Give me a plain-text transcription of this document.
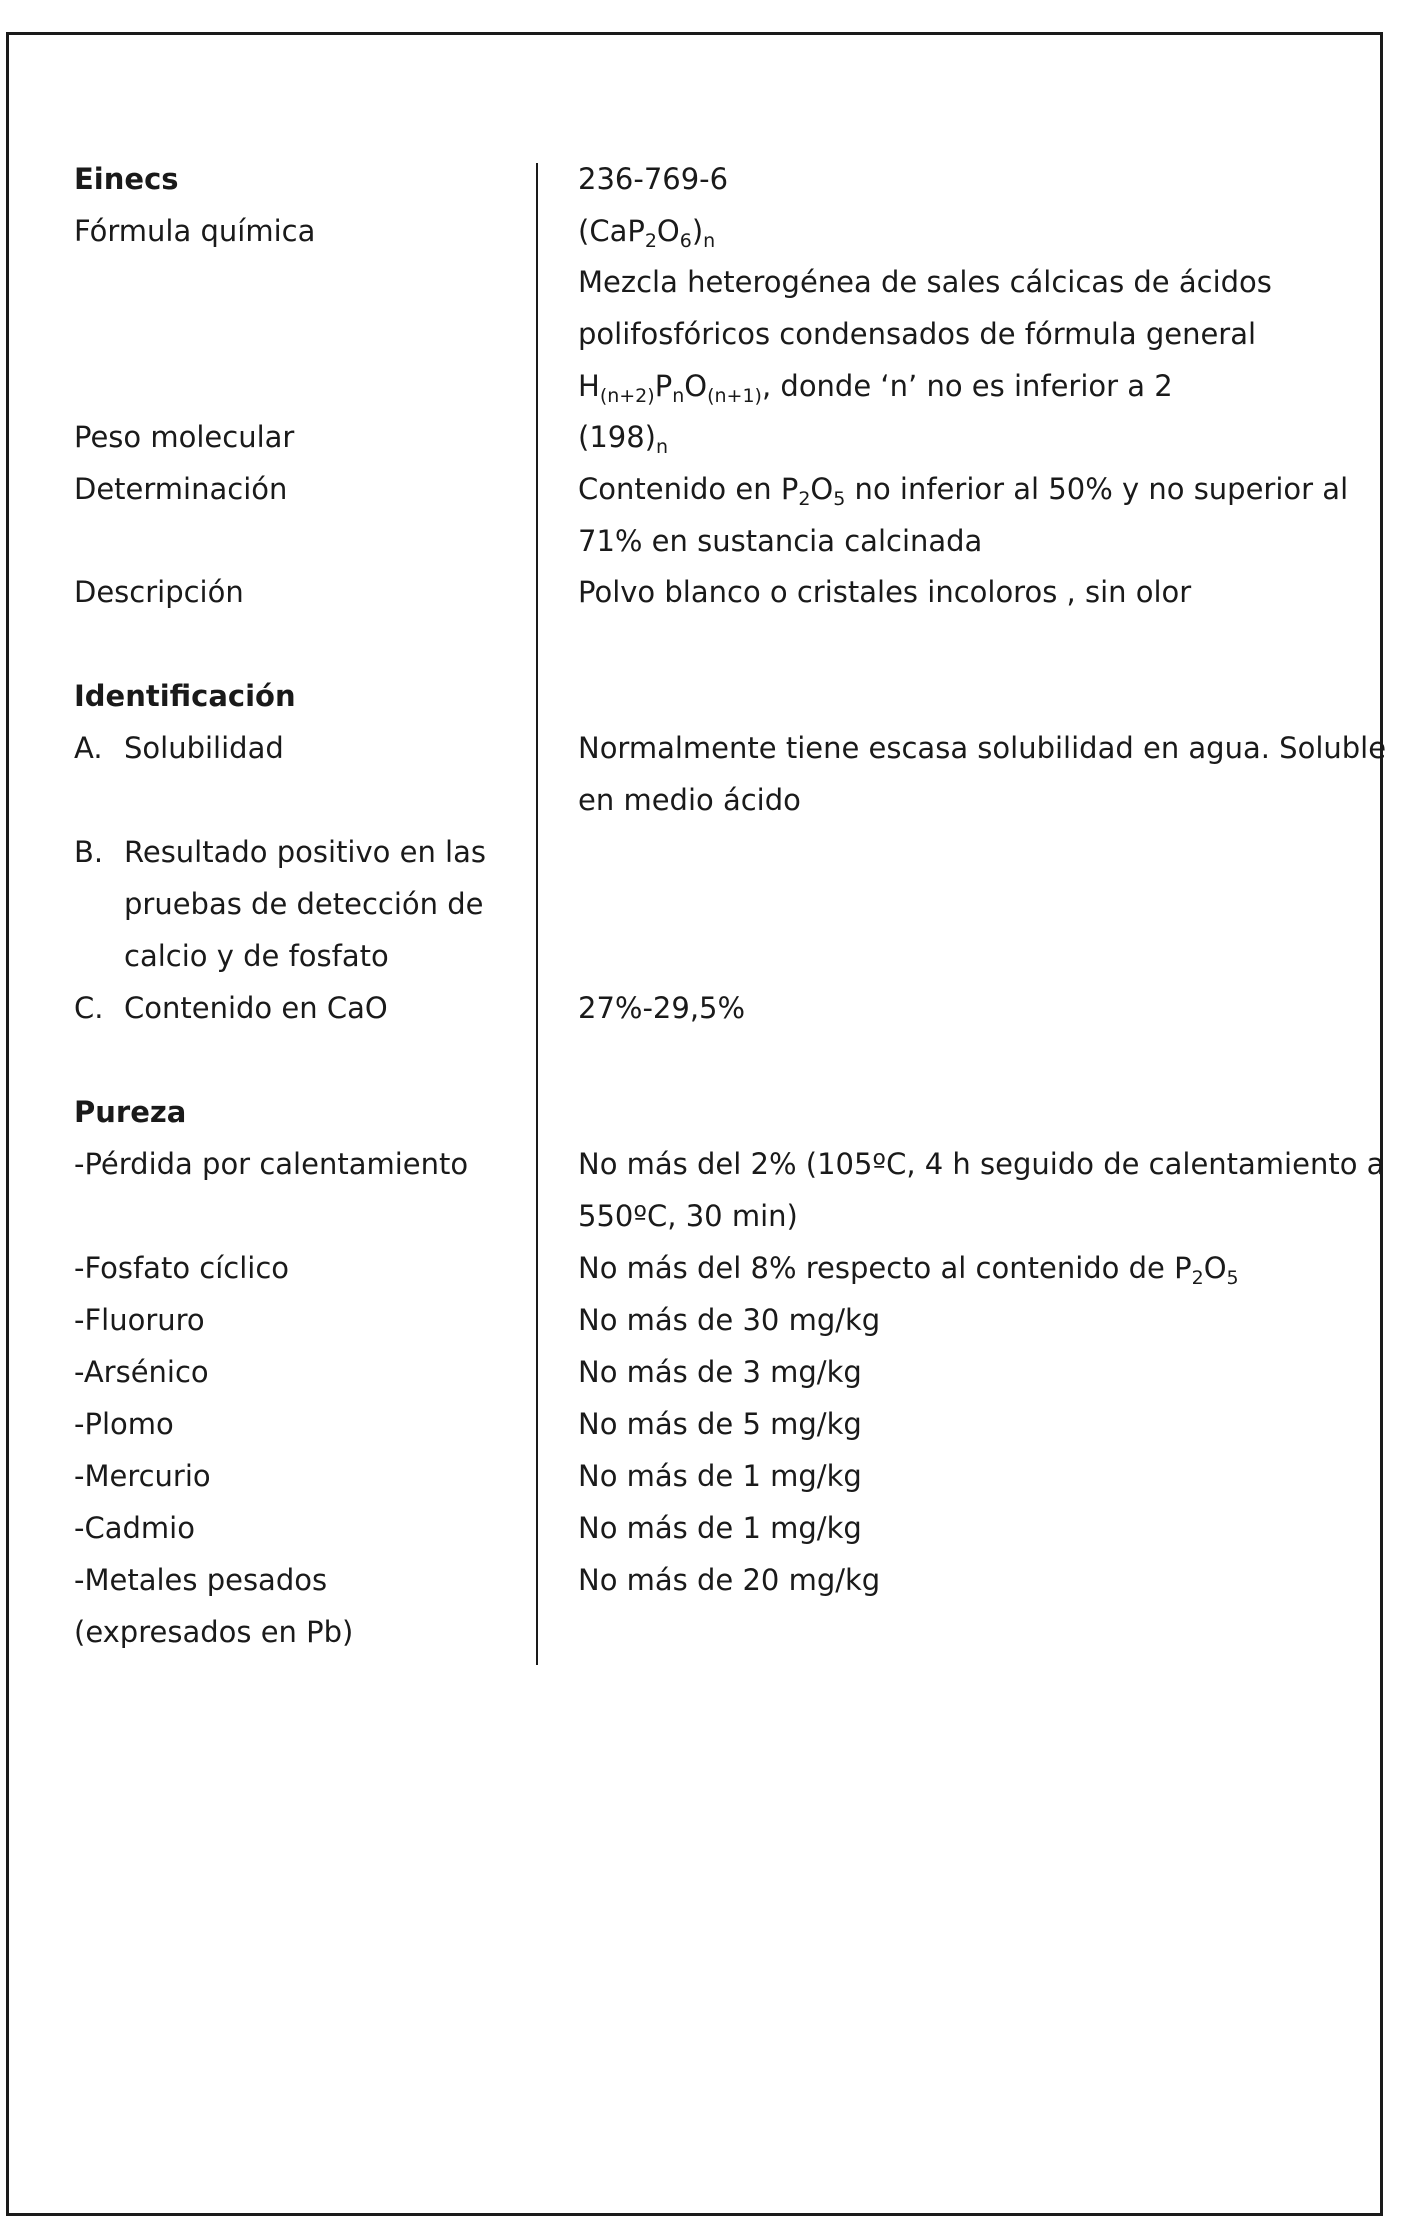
Einecs
Fórmula química
Peso molecular
Determinación
Descripción
Identificación
A. Solubilidad
B. Resultado positivo en las
pruebas de detección de
calcio y de fosfato
C. Contenido en CaO
Pureza
-Pérdida por calentamiento
-Fosfato cíclico
-Fluoruro
-Arsénico
-Plomo
-Mercurio
-Cadmio
-Metales pesados
(expresados en Pb)
236-769-6
$(CaP_2O_6)_n$
Mezcla heterogénea de sales cálcicas de ácidos
polifosfóricos condensados de fórmula general
$H_{(n+2)}P_nO_{(n+1)}$, donde ‘n’ no es inferior a 2
$(198)_n$
Contenido en $P_2O_5$ no inferior al 50% y no superior al
71% en sustancia calcinada
Polvo blanco o cristales incoloros , sin olor
Normalmente tiene escasa solubilidad en agua. Soluble
en medio ácido
27%-29,5%
No más del 2% (105ºC, 4 h seguido de calentamiento a
550ºC, 30 min)
No más del 8% respecto al contenido de $P_2O_5$
No más de 30 mg/kg
No más de 3 mg/kg
No más de 5 mg/kg
No más de 1 mg/kg
No más de 1 mg/kg
No más de 20 mg/kg
